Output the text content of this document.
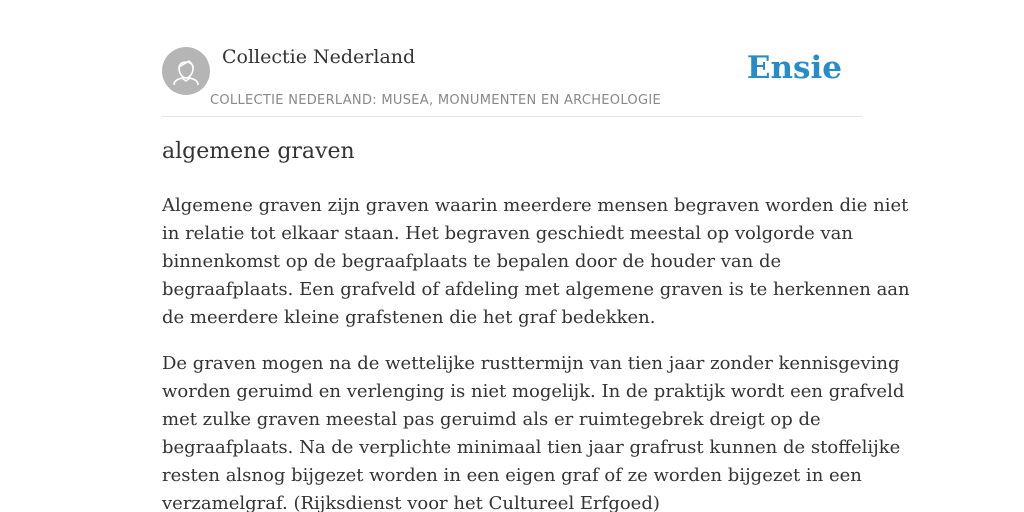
Collectie Nederland
COLLECTIE NEDERLAND: MUSEA, MONUMENTEN EN ARCHEOLOGIE
Ensie
algemene graven

Algemene graven zijn graven waarin meerdere mensen begraven worden die niet
in relatie tot elkaar staan. Het begraven geschiedt meestal op volgorde van
binnenkomst op de begraafplaats te bepalen door de houder van de
begraafplaats. Een grafveld of afdeling met algemene graven is te herkennen aan
de meerdere kleine grafstenen die het graf bedekken.

De graven mogen na de wettelijke rusttermijn van tien jaar zonder kennisgeving
worden geruimd en verlenging is niet mogelijk. In de praktijk wordt een grafveld
met zulke graven meestal pas geruimd als er ruimtegebrek dreigt op de
begraafplaats. Na de verplichte minimaal tien jaar grafrust kunnen de stoffelijke
resten alsnog bijgezet worden in een eigen graf of ze worden bijgezet in een
verzamelgraf. (Rijksdienst voor het Cultureel Erfgoed)
